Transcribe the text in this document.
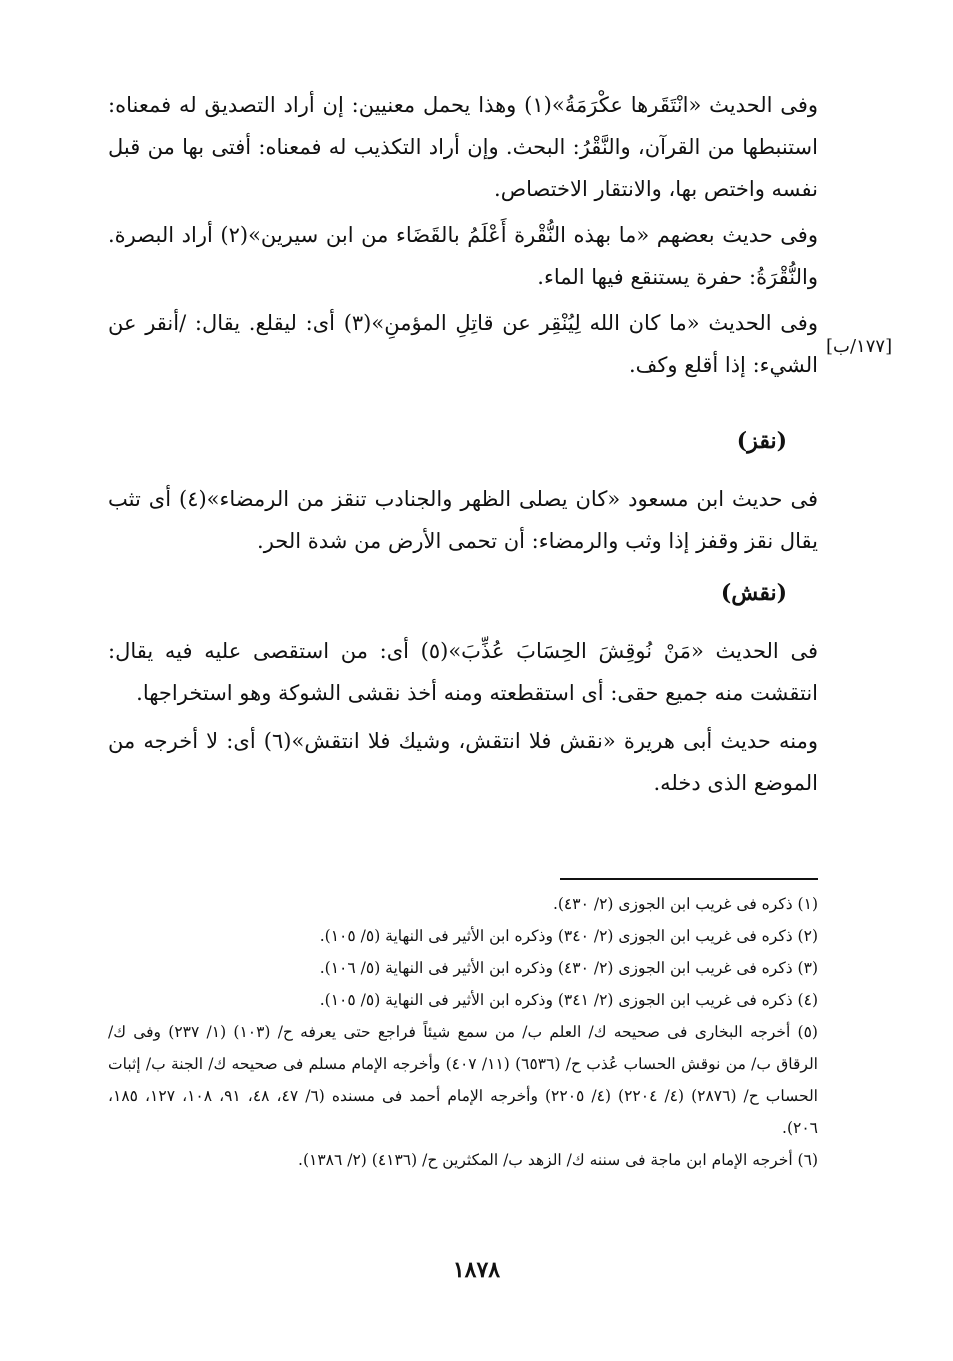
وفى الحديث «انْتَقَرها عكْرَمَةُ»(١) وهذا يحمل معنيين: إن أراد التصديق له فمعناه: استنبطها من القرآن، والنَّقْرُ: البحث. وإن أراد التكذيب له فمعناه: أفتى بها من قبل نفسه واختص بها، والانتقار الاختصاص.

وفى حديث بعضهم «ما بهذه النُّقْرة أَعْلَمُ بالقَضَاء من ابن سيرين»(٢) أراد البصرة. والنُّقْرَةُ: حفرة يستنقع فيها الماء.

وفى الحديث «ما كان الله لِيُنْقِر عن قاتِلِ المؤمنِ»(٣) أى: ليقلع. يقال: /أنقر عن الشيء: إذا أقلع وكف.

[١٧٧/ب]
(نقز)

فى حديث ابن مسعود «كان يصلى الظهر والجنادب تنقز من الرمضاء»(٤) أى تثب يقال نقز وقفز إذا وثب والرمضاء: أن تحمى الأرض من شدة الحر.

(نقش)

فى الحديث «مَنْ نُوقِشَ الحِسَابَ عُذِّبَ»(٥) أى: من استقصى عليه فيه يقال: انتقشت منه جميع حقى: أى استقطعته ومنه أخذ نقشى الشوكة وهو استخراجها.

ومنه حديث أبى هريرة «نقش فلا انتقش، وشيك فلا انتقش»(٦) أى: لا أخرجه من الموضع الذى دخله.

(١) ذكره فى غريب ابن الجوزى (٢/ ٤٣٠).

(٢) ذكره فى غريب ابن الجوزى (٢/ ٣٤٠) وذكره ابن الأثير فى النهاية (٥/ ١٠٥).

(٣) ذكره فى غريب ابن الجوزى (٢/ ٤٣٠) وذكره ابن الأثير فى النهاية (٥/ ١٠٦).

(٤) ذكره فى غريب ابن الجوزى (٢/ ٣٤١) وذكره ابن الأثير فى النهاية (٥/ ١٠٥).

(٥) أخرجه البخارى فى صحيحه ك/ العلم ب/ من سمع شيئاً فراجع حتى يعرفه ح/ (١٠٣) (١/ ٢٣٧) وفى ك/ الرقاق ب/ من نوقش الحساب عُذب ح/ (٦٥٣٦) (١١/ ٤٠٧) وأخرجه الإمام مسلم فى صحيحه ك/ الجنة ب/ إثبات الحساب ح/ (٢٨٧٦) (٤/ ٢٢٠٤) (٤/ ٢٢٠٥) وأخرجه الإمام أحمد فى مسنده (٦/ ٤٧، ٤٨، ٩١، ١٠٨، ١٢٧، ١٨٥، ٢٠٦).

(٦) أخرجه الإمام ابن ماجة فى سننه ك/ الزهد ب/ المكثرين ح/ (٤١٣٦) (٢/ ١٣٨٦).

١٨٧٨
